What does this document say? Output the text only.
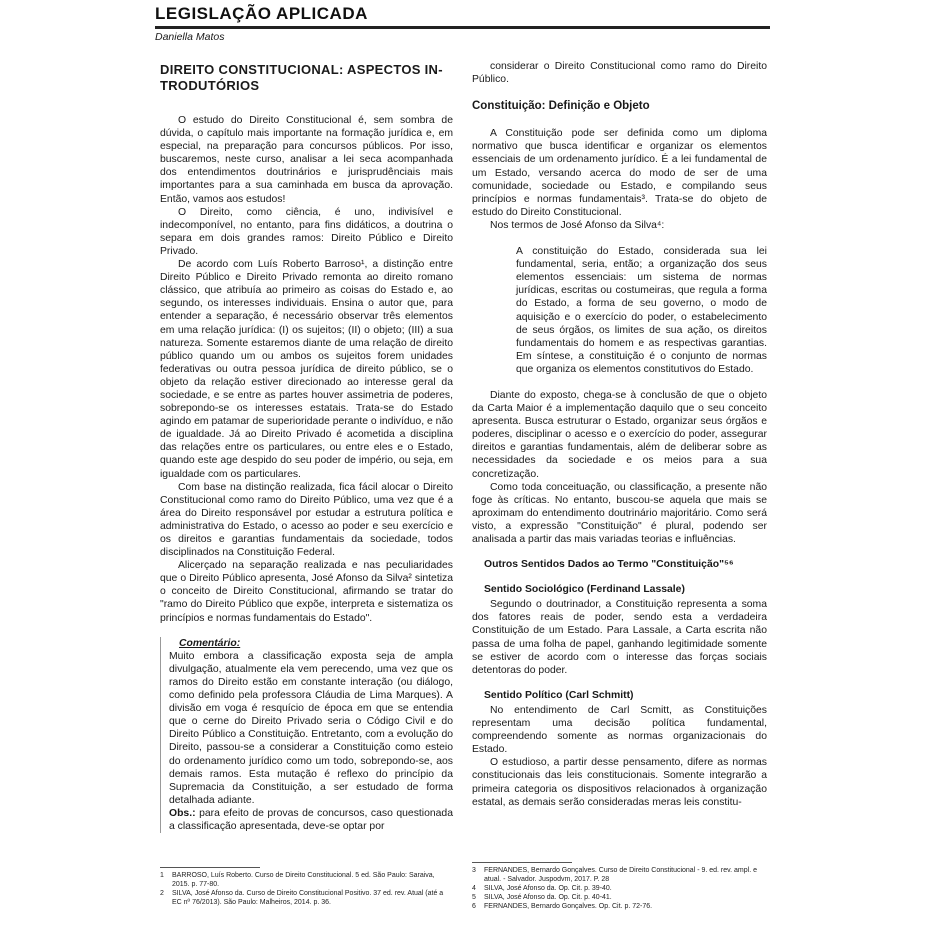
LEGISLAÇÃO APLICADA
Daniella Matos
DIREITO CONSTITUCIONAL: ASPECTOS IN-TRODUTÓRIOS

O estudo do Direito Constitucional é, sem sombra de dúvida, o capítulo mais importante na formação jurídica e, em especial, na preparação para concursos públicos. Por isso, buscaremos, neste curso, analisar a lei seca acompanhada dos entendimentos doutrinários e jurisprudênciais mais importantes para a sua caminhada em busca da aprovação. Então, vamos aos estudos!

O Direito, como ciência, é uno, indivisível e indecomponível, no entanto, para fins didáticos, a doutrina o separa em dois grandes ramos: Direito Público e Direito Privado.

De acordo com Luís Roberto Barroso¹, a distinção entre Direito Público e Direito Privado remonta ao direito romano clássico, que atribuía ao primeiro as coisas do Estado e, ao segundo, os interesses individuais. Ensina o autor que, para entender a separação, é necessário observar três elementos em uma relação jurídica: (I) os sujeitos; (II) o objeto; (III) a sua natureza. Somente estaremos diante de uma relação de direito público quando um ou ambos os sujeitos forem unidades federativas ou outra pessoa jurídica de direito público, se o objeto da relação estiver direcionado ao interesse geral da sociedade, e se entre as partes houver assimetria de poderes, sobrepondo-se os interesses estatais. Trata-se do Estado agindo em patamar de superioridade perante o indivíduo, e não de igualdade. Já ao Direito Privado é acometida a disciplina das relações entre os particulares, ou entre eles e o Estado, quando este age despido do seu poder de império, ou seja, em igualdade com os particulares.

Com base na distinção realizada, fica fácil alocar o Direito Constitucional como ramo do Direito Público, uma vez que é a área do Direito responsável por estudar a estrutura política e administrativa do Estado, o acesso ao poder e seu exercício e os direitos e garantias fundamentais da sociedade, todos disciplinados na Constituição Federal.

Alicerçado na separação realizada e nas peculiaridades que o Direito Público apresenta, José Afonso da Silva² sintetiza o conceito de Direito Constitucional, afirmando se tratar do "ramo do Direito Público que expõe, interpreta e sistematiza os princípios e normas fundamentais do Estado".

Comentário:

Muito embora a classificação exposta seja de ampla divulgação, atualmente ela vem perecendo, uma vez que os ramos do Direito estão em constante interação (ou diálogo, como definido pela professora Cláudia de Lima Marques). A divisão em voga é resquício de época em que se entendia que o cerne do Direito Privado seria o Código Civil e do Direito Público a Constituição. Entretanto, com a evolução do Direito, passou-se a considerar a Constituição como esteio do ordenamento jurídico como um todo, sobrepondo-se, aos demais ramos. Esta mutação é reflexo do princípio da Supremacia da Constituição, a ser estudado de forma detalhada adiante.

Obs.: para efeito de provas de concursos, caso questionada a classificação apresentada, deve-se optar por

considerar o Direito Constitucional como ramo do Direito Público.

Constituição: Definição e Objeto

A Constituição pode ser definida como um diploma normativo que busca identificar e organizar os elementos essenciais de um ordenamento jurídico. É a lei fundamental de um Estado, versando acerca do modo de ser de uma comunidade, sociedade ou Estado, e compilando seus princípios e normas fundamentais³. Trata-se do objeto de estudo do Direito Constitucional.

Nos termos de José Afonso da Silva⁴:

A constituição do Estado, considerada sua lei fundamental, seria, então; a organização dos seus elementos essenciais: um sistema de normas jurídicas, escritas ou costumeiras, que regula a forma do Estado, a forma de seu governo, o modo de aquisição e o exercício do poder, o estabelecimento de seus órgãos, os limites de sua ação, os direitos fundamentais do homem e as respectivas garantias. Em síntese, a constituição é o conjunto de normas que organiza os elementos constitutivos do Estado.

Diante do exposto, chega-se à conclusão de que o objeto da Carta Maior é a implementação daquilo que o seu conceito apresenta. Busca estruturar o Estado, organizar seus órgãos e poderes, disciplinar o acesso e o exercício do poder, assegurar direitos e garantias fundamentais, além de deliberar sobre as necessidades da sociedade e os meios para a sua concretização.

Como toda conceituação, ou classificação, a presente não foge às críticas. No entanto, buscou-se aquela que mais se aproximam do entendimento doutrinário majoritário. Como será visto, a expressão "Constituição" é plural, podendo ser analisada a partir das mais variadas teorias e influências.

Outros Sentidos Dados ao Termo "Constituição"⁵⁶
Sentido Sociológico (Ferdinand Lassale)

Segundo o doutrinador, a Constituição representa a soma dos fatores reais de poder, sendo esta a verdadeira Constituição de um Estado. Para Lassale, a Carta escrita não passa de uma folha de papel, ganhando legitimidade somente se estiver de acordo com o interesse das forças sociais detentoras do poder.

Sentido Político (Carl Schmitt)

No entendimento de Carl Scmitt, as Constituições representam uma decisão política fundamental, compreendendo somente as normas organizacionais do Estado.

O estudioso, a partir desse pensamento, difere as normas constitucionais das leis constitucionais. Somente integrarão a primeira categoria os dispositivos relacionados à organização estatal, as demais serão consideradas meras leis constitu-

1	BARROSO, Luís Roberto. Curso de Direito Constitucional. 5 ed. São Paulo: Saraiva, 2015. p. 77-80.
2	SILVA, José Afonso da. Curso de Direito Constitucional Positivo. 37 ed. rev. Atual (até a EC nº 76/2013). São Paulo: Malheiros, 2014. p. 36.
3	FERNANDES, Bernardo Gonçalves. Curso de Direito Constitucional - 9. ed. rev. ampl. e atual. - Salvador. Juspodvm, 2017. P. 28
4	SILVA, José Afonso da. Op. Cit. p. 39-40.
5	SILVA, José Afonso da. Op. Cit. p. 40-41.
6	FERNANDES, Bernardo Gonçalves. Op. Cit. p. 72-76.
